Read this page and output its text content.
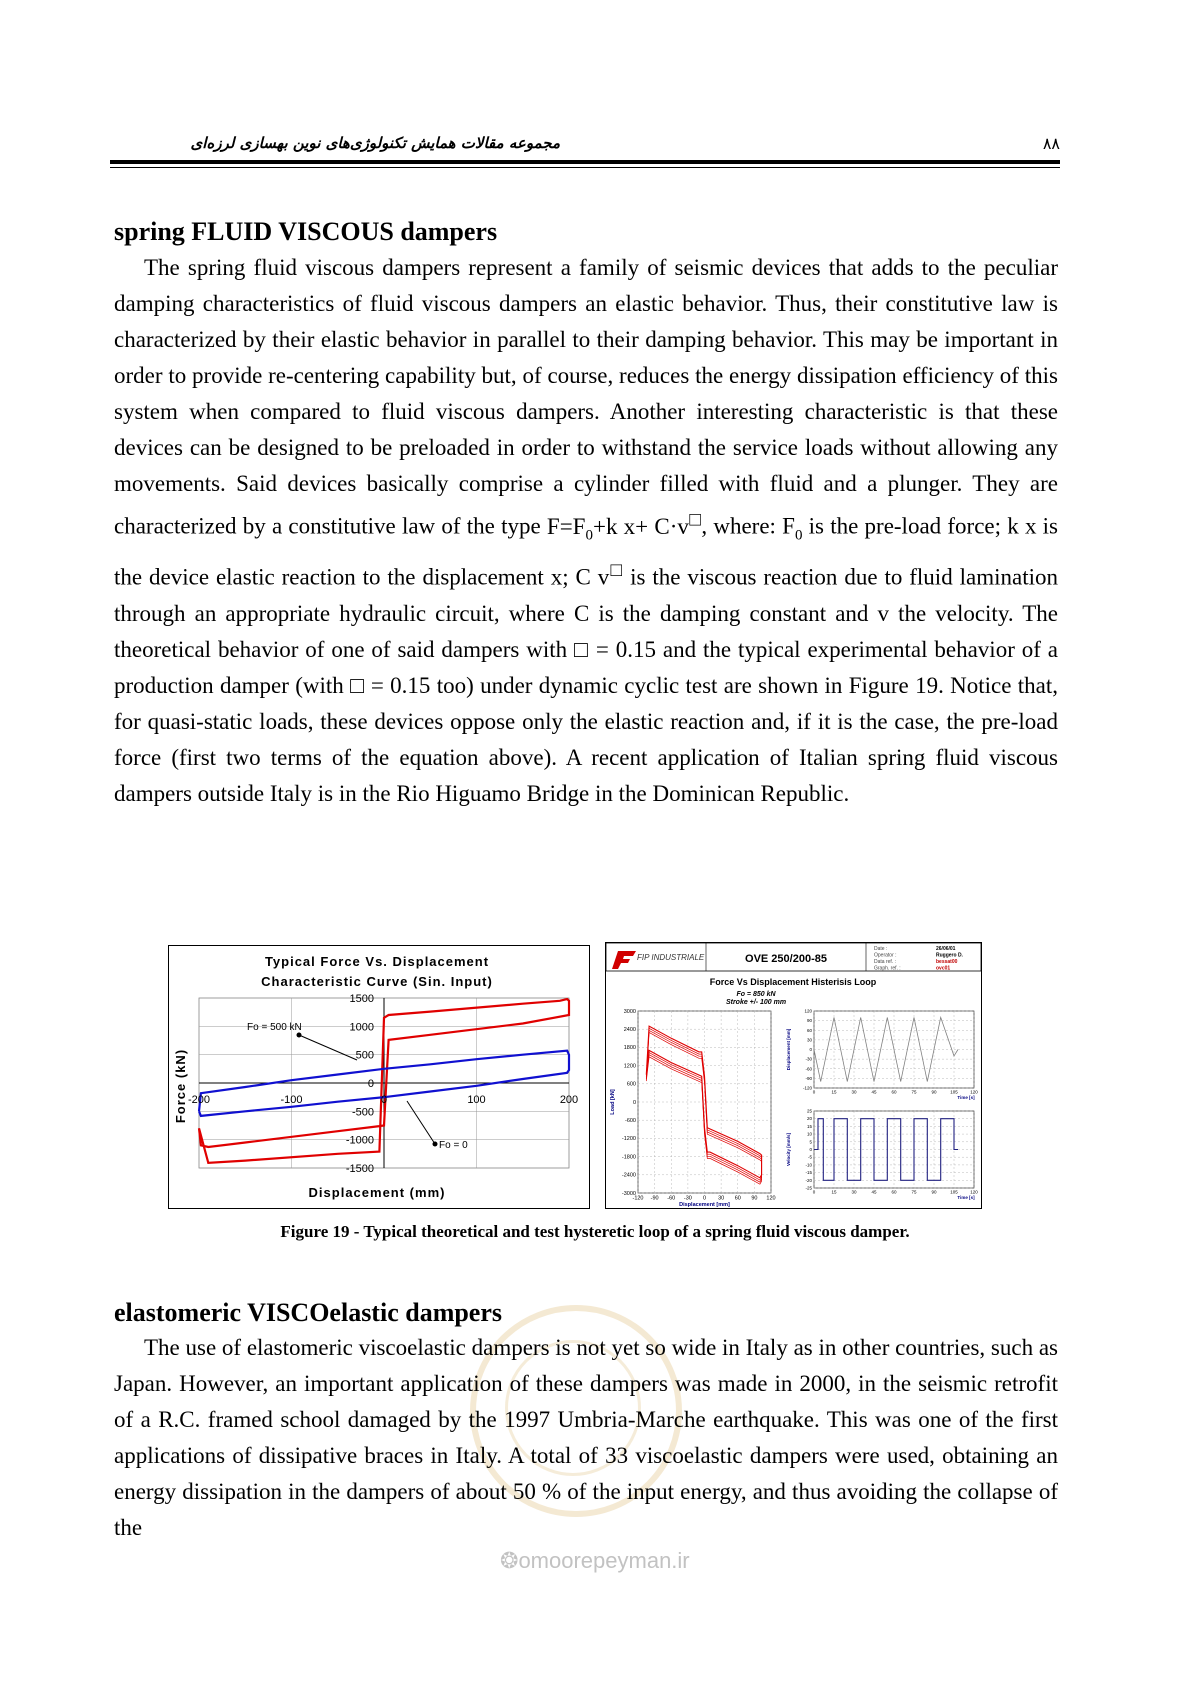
مجموعه مقالات همایش تکنولوژی‌های نوین بهسازی لرزه‌ای	۸۸
spring FLUID VISCOUS dampers

The spring fluid viscous dampers represent a family of seismic devices that adds to the peculiar damping characteristics of fluid viscous dampers an elastic behavior. Thus, their constitutive law is characterized by their elastic behavior in parallel to their damping behavior. This may be important in order to provide re-centering capability but, of course, reduces the energy dissipation efficiency of this system when compared to fluid viscous dampers. Another interesting characteristic is that these devices can be designed to be preloaded in order to withstand the service loads without allowing any movements. Said devices basically comprise a cylinder filled with fluid and a plunger. They are characterized by a constitutive law of the type $F=F_0+k$ x+ C·v□, where: $F_0$ is the pre-load force; k x is the device elastic reaction to the displacement x; C v□ is the viscous reaction due to fluid lamination through an appropriate hydraulic circuit, where C is the damping constant and v the velocity. The theoretical behavior of one of said dampers with □ = 0.15 and the typical experimental behavior of a production damper (with □ = 0.15 too) under dynamic cyclic test are shown in Figure 19. Notice that, for quasi-static loads, these devices oppose only the elastic reaction and, if it is the case, the pre-load force (first two terms of the equation above). A recent application of Italian spring fluid viscous dampers outside Italy is in the Rio Higuamo Bridge in the Dominican Republic.

Typical Force Vs. Displacement
Characteristic Curve (Sin. Input)
Displacement (mm)
Force (kN) -200	-100	0	100	200
1500
1000
500
0
-500
-1000
-1500
Fo = 500 kN
Fo = 0
FIP INDUSTRIALE	OVE 250/200-85
Date :
Operator :
Data ref. :
Graph. ref. :
26/06/01
Ruggero D.
bessat00
ovc01
Force Vs Displacement Histerisis Loop
Fo = 850 kN
Stroke +/- 100 mm
-120 -90 -60 -30 0 30 60 90 120
3000
2400
1800
1200
600
0
-600
-1200
-1800
-2400
-3000
Displacement [mm]
Load [kN]	0	15	30	45	60	75	90	105	120
120
90
60
30
0
-30
-60
-90
-120
Time [s]
Displacement [mm]
0	15	30	45	60	75	90	105	120
25
20
15
10
5
0
-5
-10
-15
-20
-25
Time [s]
Velocity [mm/s]
Figure 19 - Typical theoretical and test hysteretic loop of a spring fluid viscous damper.
elastomeric VISCOelastic dampers

The use of elastomeric viscoelastic dampers is not yet so wide in Italy as in other countries, such as Japan. However, an important application of these dampers was made in 2000, in the seismic retrofit of a R.C. framed school damaged by the 1997 Umbria-Marche earthquake. This was one of the first applications of dissipative braces in Italy. A total of 33 viscoelastic dampers were used, obtaining an energy dissipation in the dampers of about 50 % of the input energy, and thus avoiding the collapse of the

❂omoorepeyman.ir
